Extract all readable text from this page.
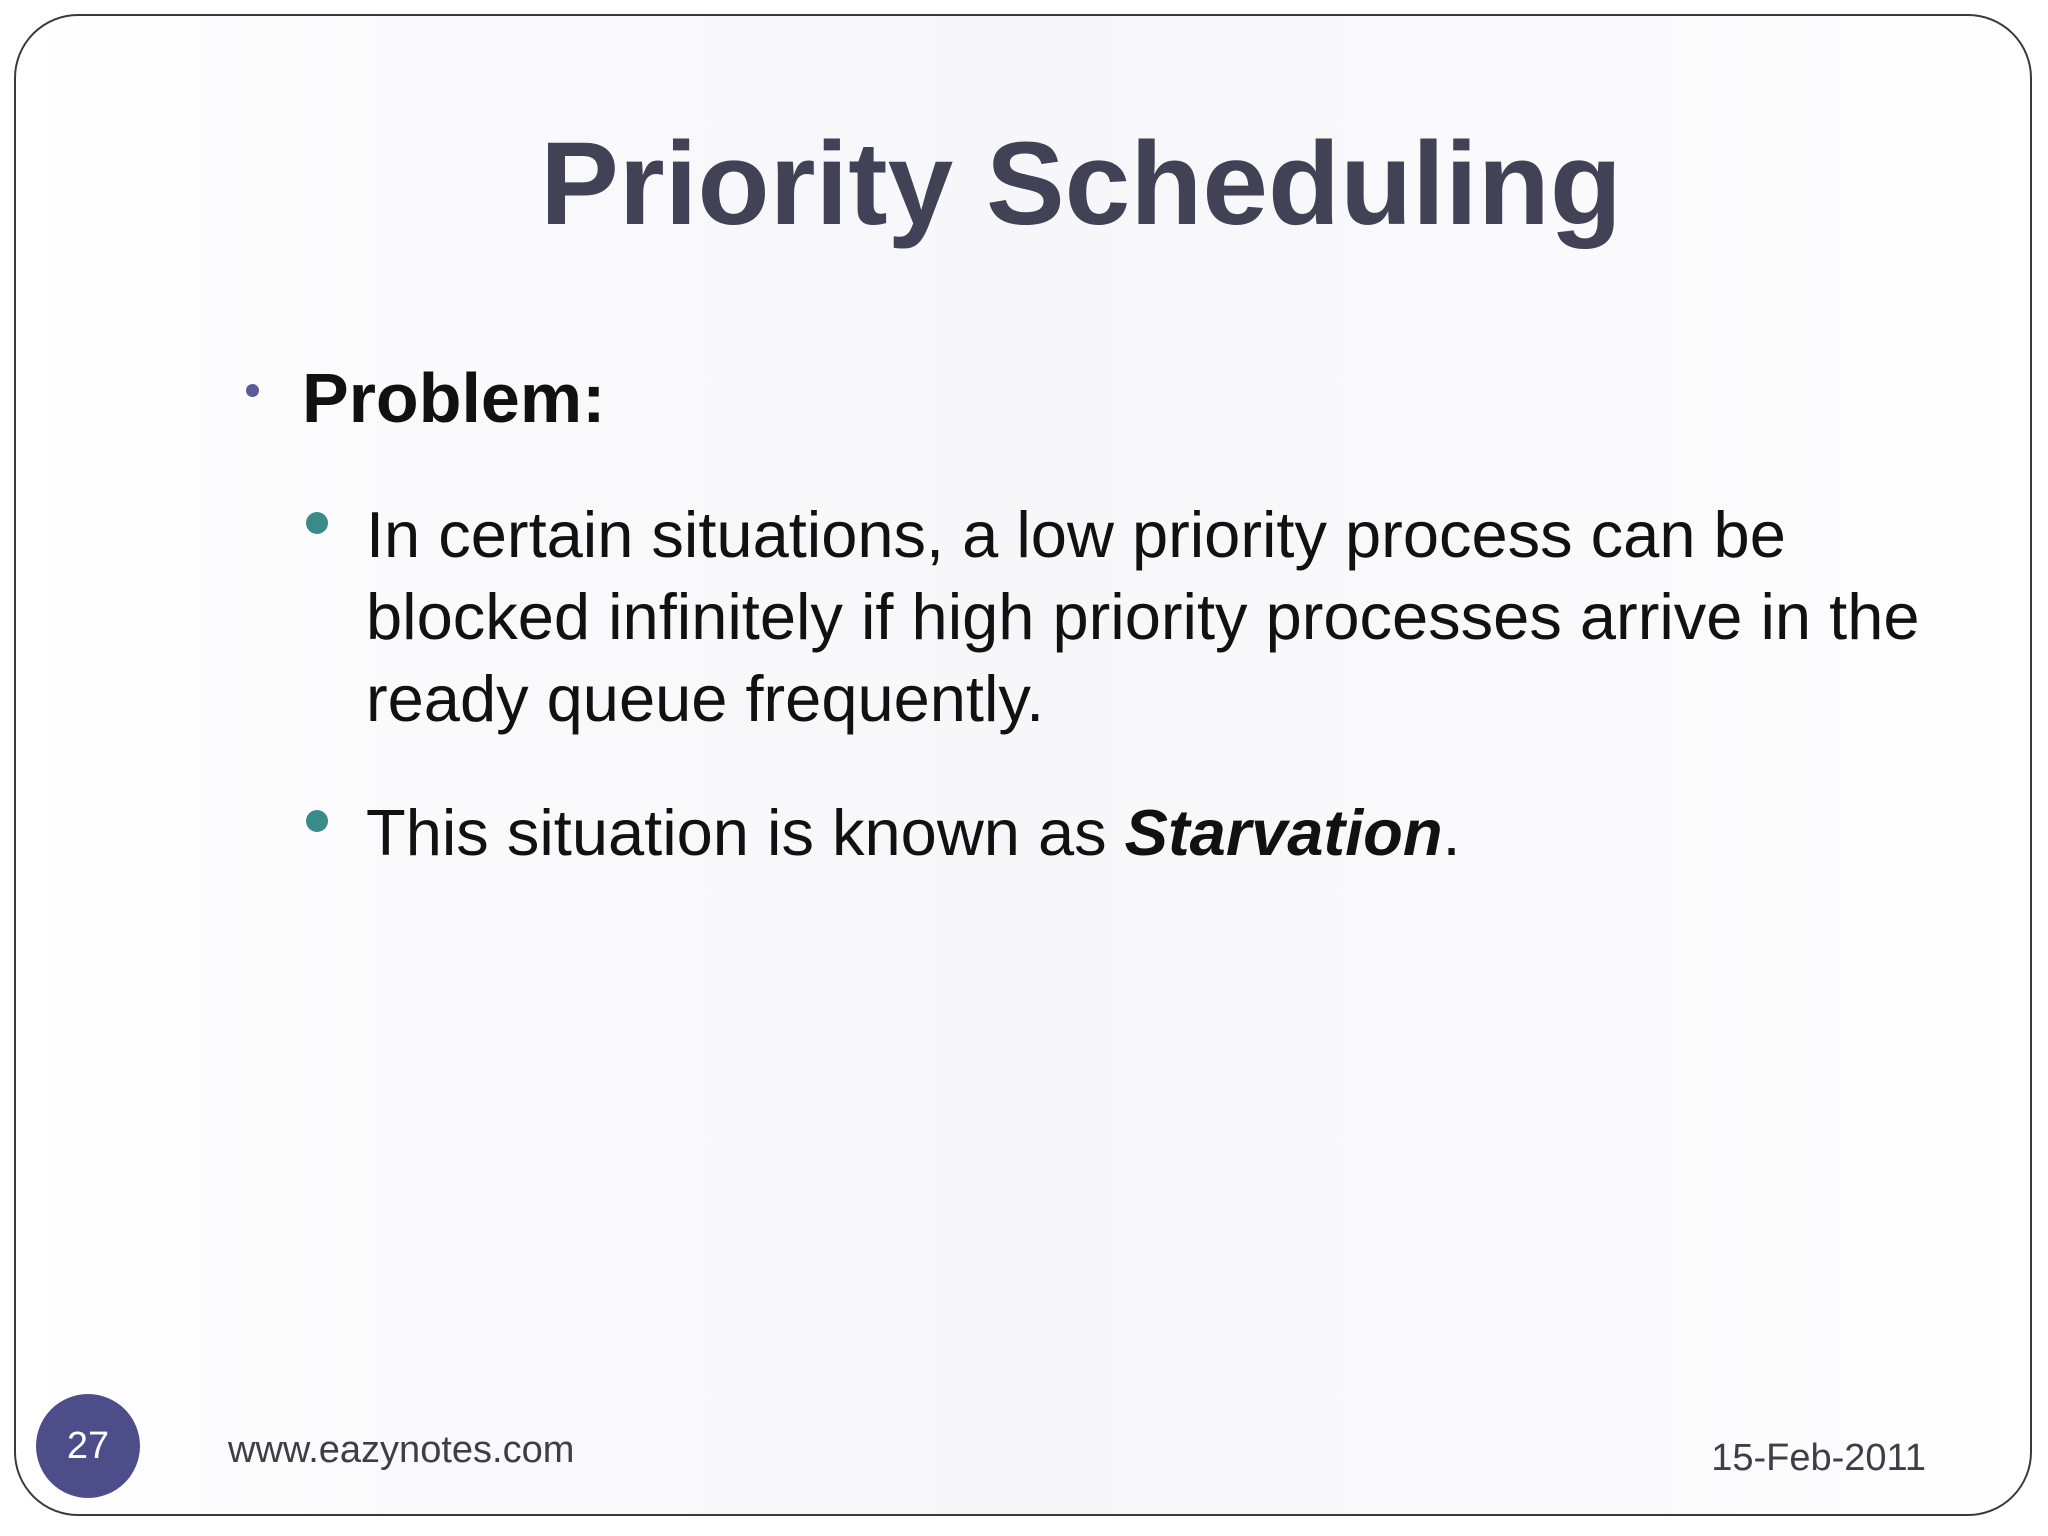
Priority Scheduling
Problem:
In certain situations, a low priority process can be blocked infinitely if high priority processes arrive in the ready queue frequently.
This situation is known as Starvation.
27	www.eazynotes.com	15-Feb-2011
